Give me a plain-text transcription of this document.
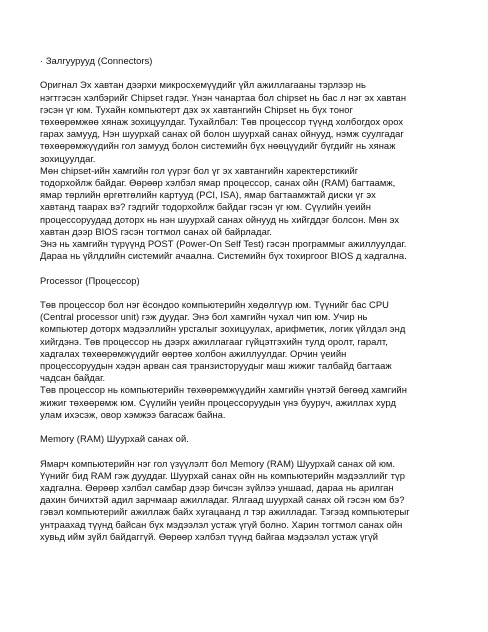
· Залгуурууд (Connectors)
Оригнал Эх хавтан дээрхи микросхемүүдийг үйл ажиллагааны тэрлээр нь
нэгтгэсэн хэлбэрийг Chipset гэдэг. Үнэн чанартаа бол chipset нь бас л нэг эх хавтан
гэсэн үг юм. Тухайн компьютерт дэх эх хавтангийн Chipset нь бүх тоног
төхөөрөмжөө хянаж зохицуулдаг. Тухайлбал: Төв процессор түүнд холбогдох орох
гарах замууд, Нэн шуурхай санах ой болон шуурхай санах ойнууд, нэмж суулгадаг
төхөөрөмжүүдийн гол замууд болон системийн бүх нөөцүүдийг бүгдийг нь хянаж
зохицуулдаг.
Мөн chipset-ийн хамгийн гол үүрэг бол үг эх хавтангийн харектерстикийг
тодорхойлж байдаг. Өөрөөр хэлбэл ямар процессор, санах ойн (RAM) багтаамж,
ямар төрлийн өргөтгөлийн картууд (PCI, ISA), ямар багтаамжтай диски үг эх
хавтанд таарах вэ? гэдгийг тодорхойлж байдаг гэсэн үг юм. Сүүлийн үеийн
процессоруудад доторх нь нэн шуурхай санах ойнууд нь хийгддэг болсон. Мөн эх
хавтан дээр BIOS гэсэн тогтмол санах ой байрладаг.
Энэ нь хамгийн түрүүнд POST (Power-On Self Test) гэсэн программыг ажиллуулдаг.
Дараа нь үйлдлийн системийг ачаална. Системийн бүх тохиргоог BIOS д хадгална.
Processor (Процессор)
Төв процессор бол нэг ёсондоо компьютерийн хөдөлгүүр юм. Түүнийг бас CPU
(Central processor unit) гэж дуудаг. Энэ бол хамгийн чухал чип юм. Учир нь
компьютер доторх мэдээллийн урсгалыг зохицуулах, арифметик, логик үйлдэл энд
хийгдэнэ. Төв процессор нь дээрх ажиллагааг гүйцэтгэхийн тулд оролт, гаралт,
хадгалах төхөөрөмжүүдийг өөртөө холбон ажиллуулдаг. Орчин үеийн
процессоруудын хэдэн арван сая транзисторуудыг маш жижиг талбайд багтааж
чадсан байдаг.
Төв процессор нь компьютерийн төхөөрөмжүүдийн хамгийн үнэтэй бөгөөд хамгийн
жижиг төхөөрөмж юм. Сүүлийн үеийн процессоруудын үнэ бууруч, ажиллах хурд
улам ихэсэж, овор хэмжээ багасаж байна.
Memory (RAM) Шуурхай санах ой.
Ямарч компьютерийн нэг гол үзүүлэлт бол Memory (RAM) Шуурхай санах ой юм.
Үүнийг бид RAM гэж дууддаг. Шуурхай санах ойн нь компьютерийн мэдээллийг түр
хадгална. Өөрөөр хэлбэл самбар дээр бичсэн зүйлээ уншааd, дараа нь арилган
дахин бичихтэй адил зарчмаар ажилладаг. Ялгаад шуурхай санах ой гэсэн юм бэ?
гэвэл компьютерийг ажиллаж байх хугацаанд л тэр ажилладаг. Тэгээд компьютерыг
унтраахад түүнд байсан бүх мэдээлэл устаж үгүй болно. Харин тогтмол санах ойн
хувьд ийм зүйл байдаггүй. Өөрөөр хэлбэл түүнд байгаа мэдээлэл устаж үгүй
